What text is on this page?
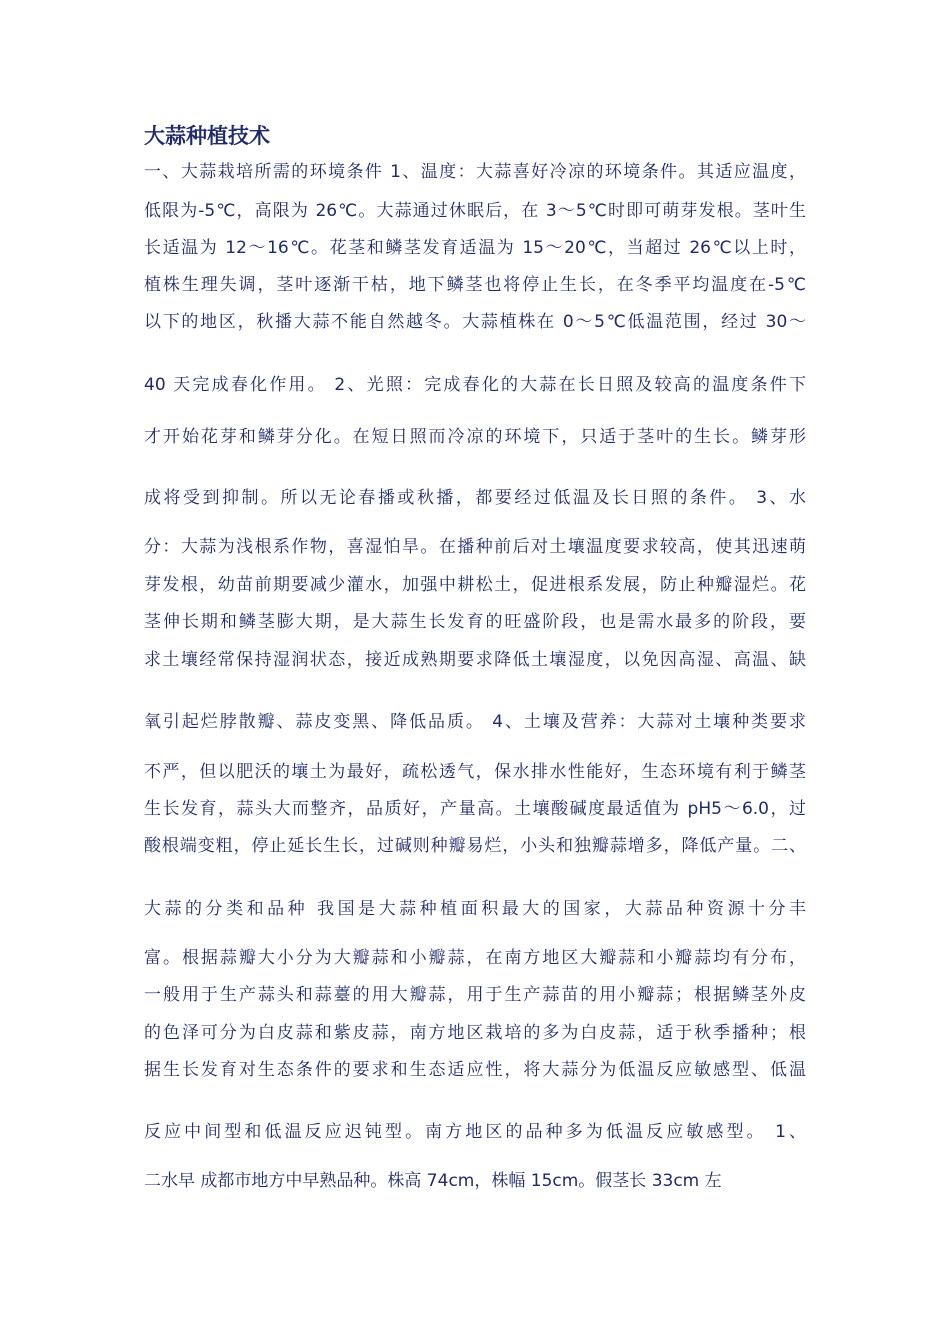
大蒜种植技术
一、大蒜栽培所需的环境条件 1、温度：大蒜喜好冷凉的环境条件。其适应温度，
低限为-5℃，高限为 26℃。大蒜通过休眠后，在 3～5℃时即可萌芽发根。茎叶生
长适温为 12～16℃。花茎和鳞茎发育适温为 15～20℃，当超过 26℃以上时，
植株生理失调，茎叶逐渐干枯，地下鳞茎也将停止生长，在冬季平均温度在-5℃
以下的地区，秋播大蒜不能自然越冬。大蒜植株在 0～5℃低温范围，经过 30～
40 天完成春化作用。 2、光照：完成春化的大蒜在长日照及较高的温度条件下
才开始花芽和鳞芽分化。在短日照而冷凉的环境下，只适于茎叶的生长。鳞芽形
成将受到抑制。所以无论春播或秋播，都要经过低温及长日照的条件。 3、水
分：大蒜为浅根系作物，喜湿怕旱。在播种前后对土壤温度要求较高，使其迅速萌
芽发根，幼苗前期要减少灌水，加强中耕松土，促进根系发展，防止种瓣湿烂。花
茎伸长期和鳞茎膨大期，是大蒜生长发育的旺盛阶段，也是需水最多的阶段，要
求土壤经常保持湿润状态，接近成熟期要求降低土壤湿度，以免因高湿、高温、缺
氧引起烂脖散瓣、蒜皮变黑、降低品质。 4、土壤及营养：大蒜对土壤种类要求
不严，但以肥沃的壤土为最好，疏松透气，保水排水性能好，生态环境有利于鳞茎
生长发育，蒜头大而整齐，品质好，产量高。土壤酸碱度最适值为 pH5～6.0，过
酸根端变粗，停止延长生长，过碱则种瓣易烂，小头和独瓣蒜增多，降低产量。二、
大蒜的分类和品种 我国是大蒜种植面积最大的国家，大蒜品种资源十分丰
富。根据蒜瓣大小分为大瓣蒜和小瓣蒜，在南方地区大瓣蒜和小瓣蒜均有分布，
一般用于生产蒜头和蒜薹的用大瓣蒜，用于生产蒜苗的用小瓣蒜；根据鳞茎外皮
的色泽可分为白皮蒜和紫皮蒜，南方地区栽培的多为白皮蒜，适于秋季播种；根
据生长发育对生态条件的要求和生态适应性，将大蒜分为低温反应敏感型、低温
反应中间型和低温反应迟钝型。南方地区的品种多为低温反应敏感型。 1、
二水早 成都市地方中早熟品种。株高 74cm，株幅 15cm。假茎长 33cm 左
